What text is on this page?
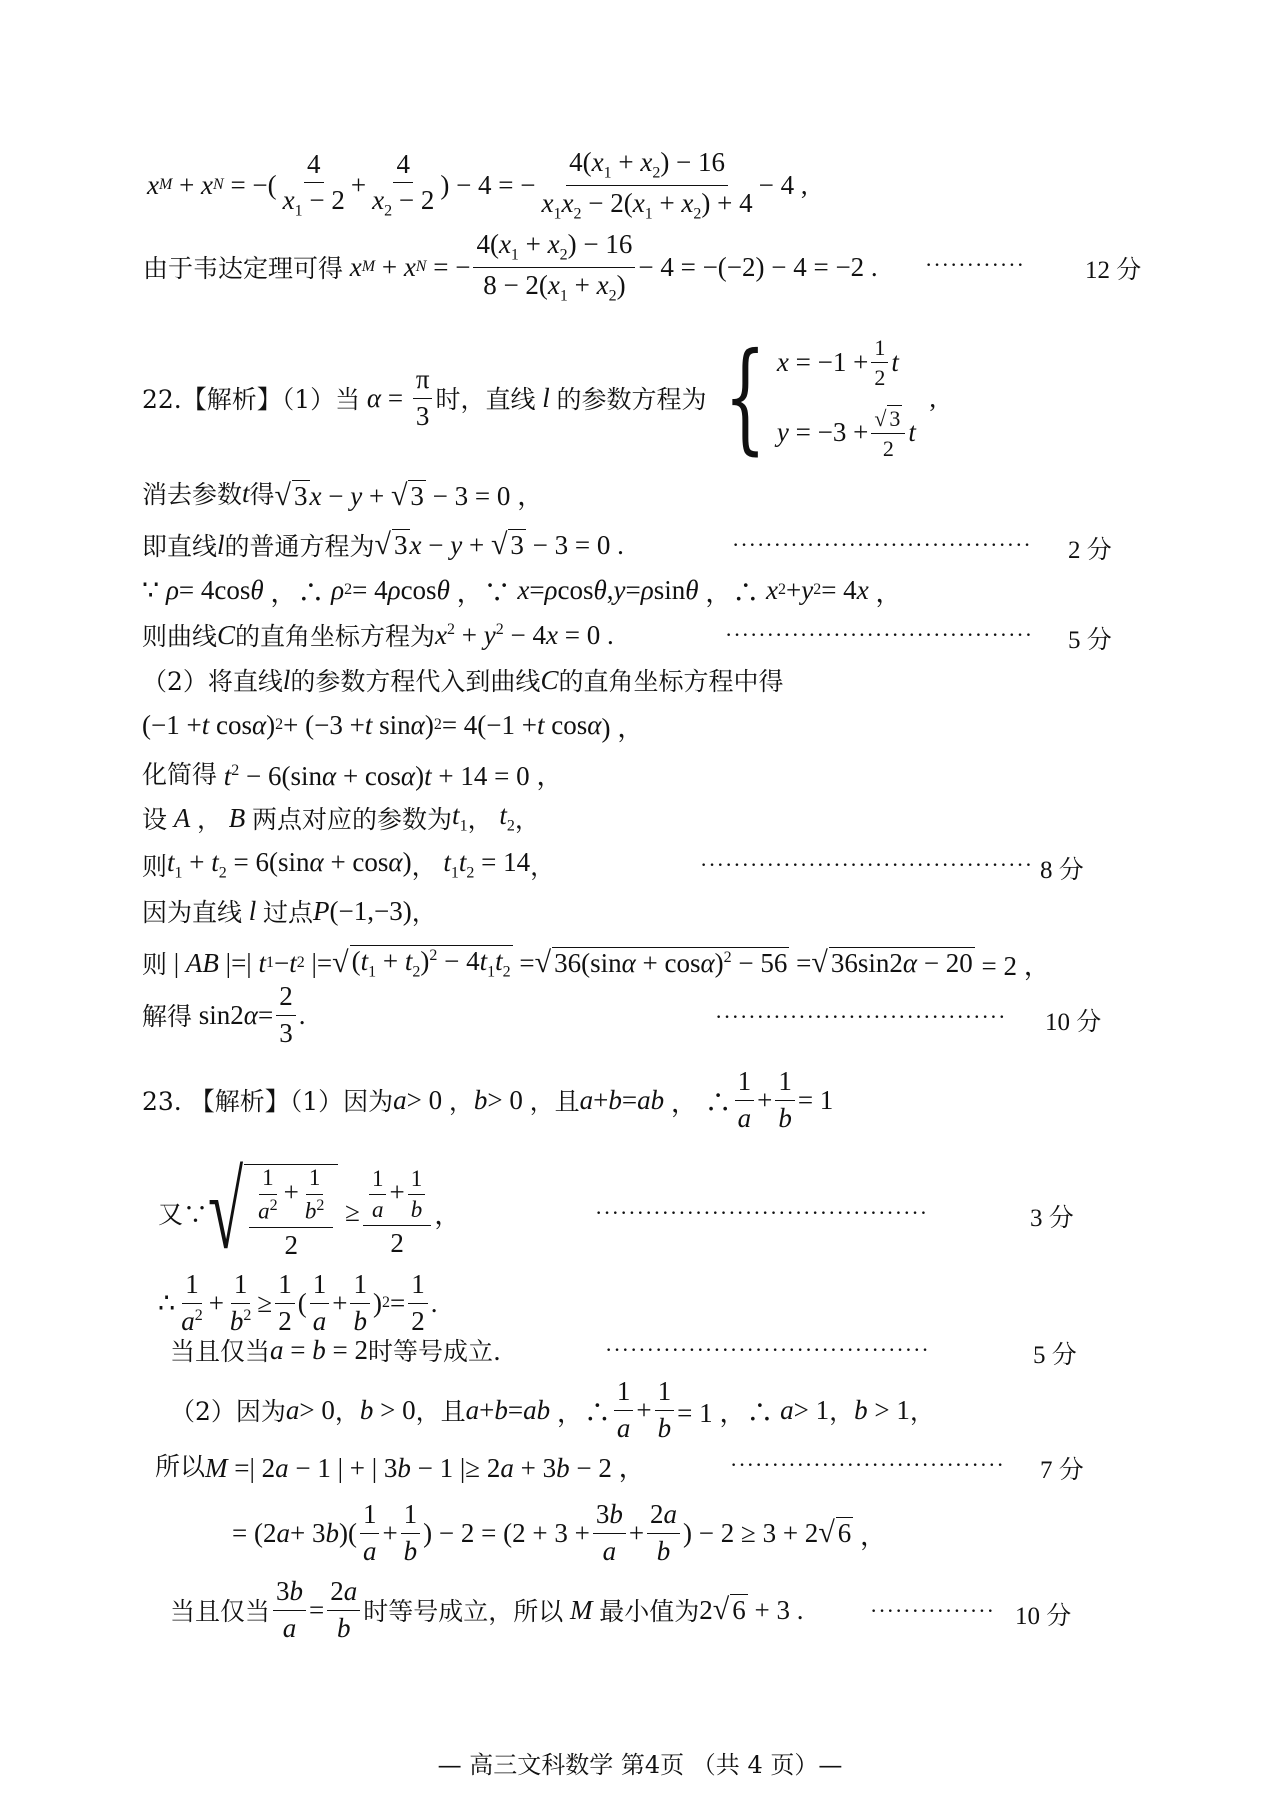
x M + x N = −( $\frac{4}{x_1 - 2} + \frac{4}{x_2 - 2}$ ) − 4 = − $\frac{4(x_1 + x_2) - 16}{x_1x_2 - 2(x_1 + x_2) + 4} - 4$ ,
由于韦达定理可得
x M + x N = − $\frac{4(x_1 + x_2) - 16}{8 - 2(x_1 + x_2)} - 4 = -(-2) - 4 = -2$ . ············ 12 分
22.【解析】（1）当
$\alpha = \frac{\pi}{3}$ 时，直线 l 的参数方程为 { $x = -1 + \frac{1}{2}$ t
$y = -3 + \frac{√ 3}{2}$ t
,
消去参数 t 得 √ 3x − y + √ 3 − 3 = 0 ，
即直线 l 的普通方程为 √ 3x − y + √ 3 − 3 = 0 .	···································· 2 分
∵ ρ = 4cos θ ，∴ ρ 2 = 4 ρ cos θ ，∵ x = ρ cos θ , y = ρ sin θ ，∴ x 2 + y 2 = 4 x ，
则曲线 C 的直角坐标方程为 $x^2 + y^2 - 4x = 0$ .	····································· 5 分
（2）将直线 l 的参数方程代入到曲线 C 的直角坐标方程中得
(−1 + t cos α ) 2 + (−3 + t sin α ) 2 = 4(−1 + t cos α ) ，
化简得 $t^2 - 6(\sin\alpha + \cos\alpha)t + 14 = 0$ ，
设 A ， B 两点对应的参数为 $t_1$ ， $t_2$ ，
则 $t_1 + t_2 = 6(\sin\alpha + \cos\alpha)$ ， $t_1t_2 = 14$ ，	········································ 8 分
因为直线 l 过点 P(−1,−3) ，
则 | AB |=| t 1 − t 2 |= √ $(t_1 + t_2)^2 - 4t_1t_2$ = √ $36(\sin\alpha + \cos\alpha)^2 - 56$ = √ 36sin2α − 20 = 2 ，
解得 sin2 $\alpha = \frac{2}{3}$ .	··································· 10 分
23. 【解析】（1）因为 a > 0 ， b > 0 ，且 a + b = ab ， ∴ $\frac{1}{a} + \frac{1}{b} = 1$
又∵ √ $\frac{\frac{1}{a^2} + \frac{1}{b^2}}{2} \ge \frac{\frac{1}{a} + \frac{1}{b}}{2}$ ，	········································	3 分
∴ $\frac{1}{a^2} + \frac{1}{b^2} \ge \frac{1}{2}$ ( $\frac{1}{a} + \frac{1}{b}$ ) $2 = \frac{1}{2}$ .
当且仅当 a = b = 2 时等号成立.	·······································	5 分
（2）因为 a > 0 ， b > 0 ，且 a + b = ab ，∴ $\frac{1}{a} + \frac{1}{b} = 1$ ，∴ a > 1 ， b > 1 ，
所以 M =| 2a − 1 | + | 3b − 1 |≥ 2a + 3b − 2 ，	································· 7 分
= (2 a + 3 b )( $\frac{1}{a} + \frac{1}{b}$ ) − $2 = (2 + 3 + \frac{3b}{a} + \frac{2a}{b}$ ) − 2 ≥ 3 + 2 √ 6 ，
当且仅当 $\frac{3b}{a} = \frac{2a}{b}$ 时等号成立，所以 M 最小值为 2√ 6 + 3 .	··············· 10 分
— 高三文科数学 第4页 （共 4 页）—
